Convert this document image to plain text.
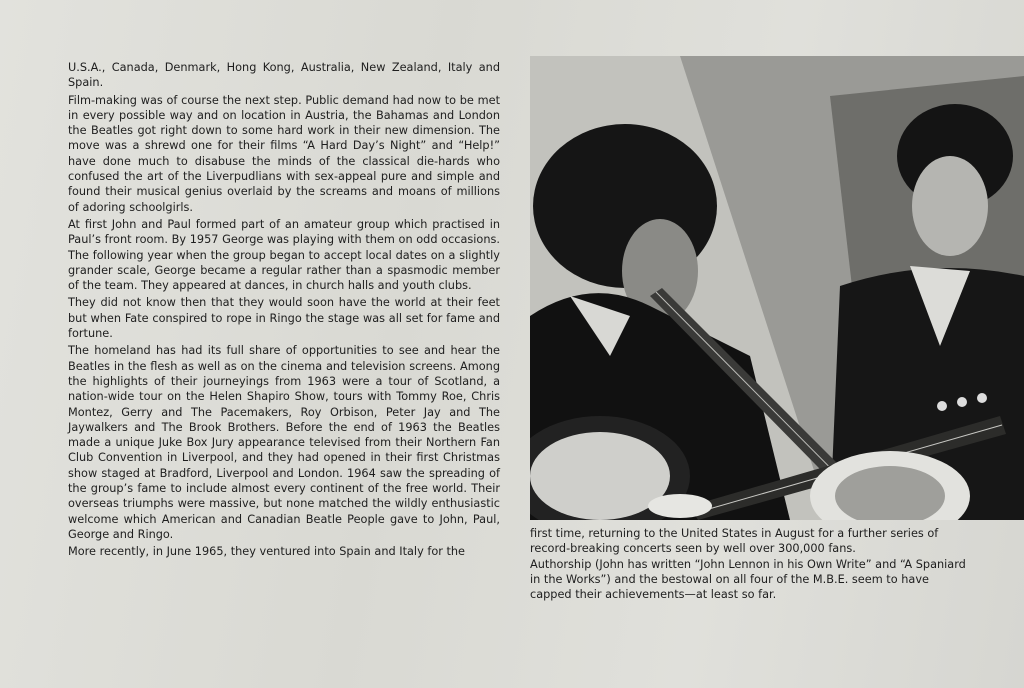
U.S.A., Canada, Denmark, Hong Kong, Australia, New Zealand, Italy and Spain.

Film-making was of course the next step. Public demand had now to be met in every possible way and on location in Austria, the Bahamas and London the Beatles got right down to some hard work in their new dimension. The move was a shrewd one for their films “A Hard Day’s Night” and “Help!” have done much to disabuse the minds of the classical die-hards who confused the art of the Liverpudlians with sex-appeal pure and simple and found their musical genius overlaid by the screams and moans of millions of adoring schoolgirls.

At first John and Paul formed part of an amateur group which practised in Paul’s front room. By 1957 George was playing with them on odd occasions. The following year when the group began to accept local dates on a slightly grander scale, George became a regular rather than a spasmodic member of the team. They appeared at dances, in church halls and youth clubs.

They did not know then that they would soon have the world at their feet but when Fate conspired to rope in Ringo the stage was all set for fame and fortune.

The homeland has had its full share of opportunities to see and hear the Beatles in the flesh as well as on the cinema and television screens. Among the highlights of their journeyings from 1963 were a tour of Scotland, a nation-wide tour on the Helen Shapiro Show, tours with Tommy Roe, Chris Montez, Gerry and The Pacemakers, Roy Orbison, Peter Jay and The Jaywalkers and The Brook Brothers. Before the end of 1963 the Beatles made a unique Juke Box Jury appearance televised from their Northern Fan Club Convention in Liverpool, and they had opened in their first Christmas show staged at Bradford, Liverpool and London. 1964 saw the spreading of the group’s fame to include almost every continent of the free world. Their overseas triumphs were massive, but none matched the wildly enthusiastic welcome which American and Canadian Beatle People gave to John, Paul, George and Ringo.

More recently, in June 1965, they ventured into Spain and Italy for the

first time, returning to the United States in August for a further series of record-breaking concerts seen by well over 300,000 fans.

Authorship (John has written “John Lennon in his Own Write” and “A Spaniard in the Works”) and the bestowal on all four of the M.B.E. seem to have capped their achievements—at least so far.
